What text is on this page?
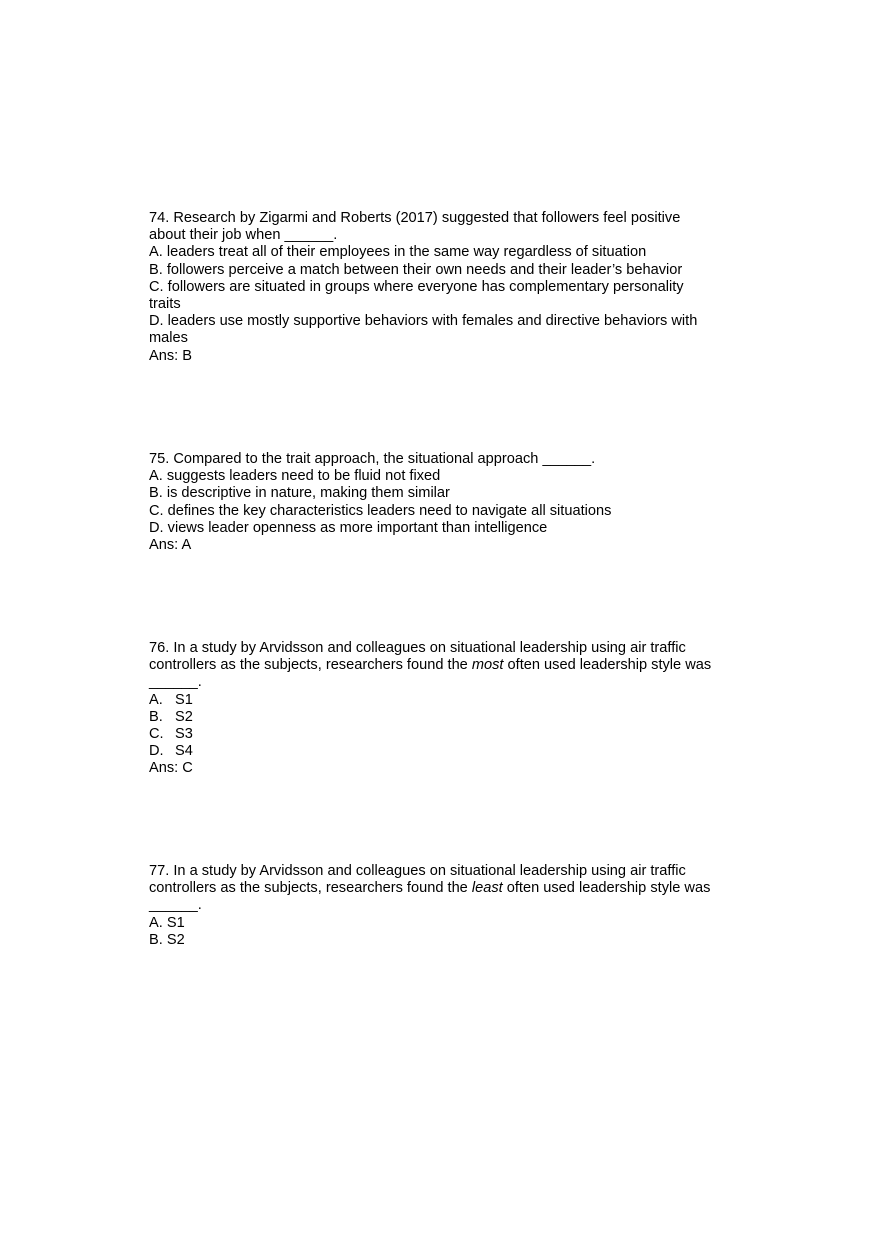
74. Research by Zigarmi and Roberts (2017) suggested that followers feel positive
about their job when ______.
A. leaders treat all of their employees in the same way regardless of situation
B. followers perceive a match between their own needs and their leader’s behavior
C. followers are situated in groups where everyone has complementary personality
traits
D. leaders use mostly supportive behaviors with females and directive behaviors with
males
Ans: B
75. Compared to the trait approach, the situational approach ______.
A. suggests leaders need to be fluid not fixed
B. is descriptive in nature, making them similar
C. defines the key characteristics leaders need to navigate all situations
D. views leader openness as more important than intelligence
Ans: A
76. In a study by Arvidsson and colleagues on situational leadership using air traffic
controllers as the subjects, researchers found the most often used leadership style was
______.
A. S1
B. S2
C. S3
D. S4
Ans: C
77. In a study by Arvidsson and colleagues on situational leadership using air traffic
controllers as the subjects, researchers found the least often used leadership style was
______.
A. S1
B. S2
